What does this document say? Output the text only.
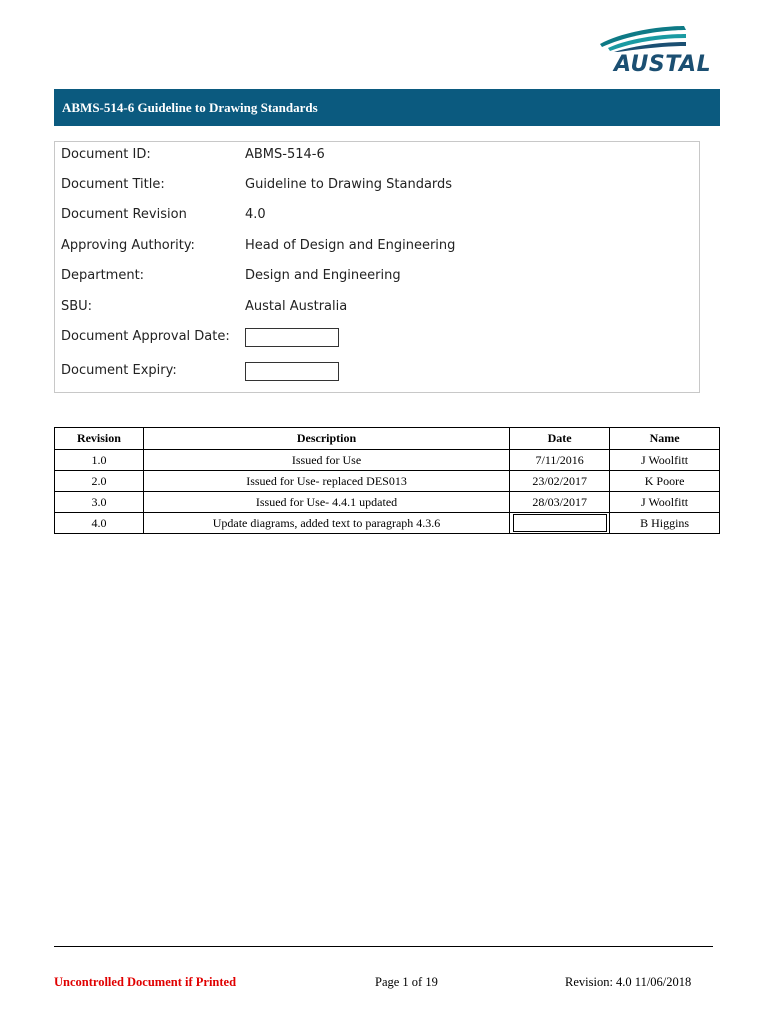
AUSTAL
ABMS-514-6 Guideline to Drawing Standards
Document ID:	ABMS-514-6
Document Title:	Guideline to Drawing Standards
Document Revision	4.0
Approving Authority:	Head of Design and Engineering
Department:	Design and Engineering
SBU:	Austal Australia
Document Approval Date:
Document Expiry:
Revision	Description	Date	Name
1.0	Issued for Use	7/11/2016	J Woolfitt
2.0	Issued for Use- replaced DES013	23/02/2017	K Poore
3.0	Issued for Use- 4.4.1 updated	28/03/2017	J Woolfitt
4.0	Update diagrams, added text to paragraph 4.3.6		B Higgins
Uncontrolled Document if Printed	Page 1 of 19	Revision: 4.0 11/06/2018
